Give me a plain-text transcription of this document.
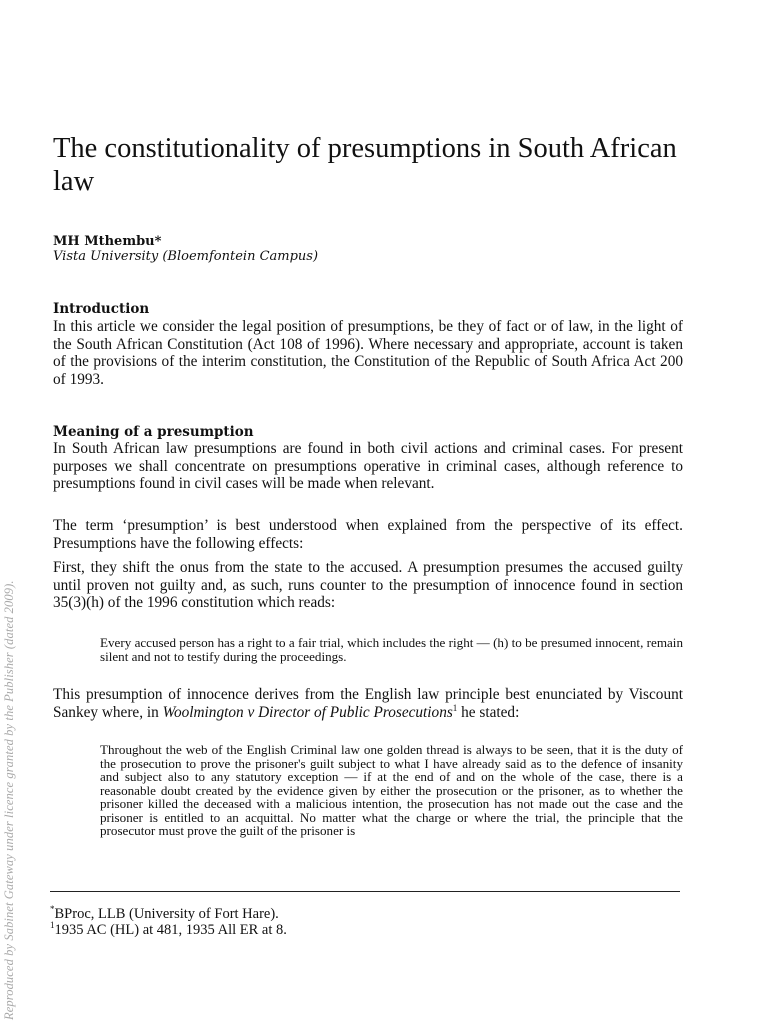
Reproduced by Sabinet Gateway under licence granted by the Publisher (dated 2009).
The constitutionality of presumptions in South African law
MH Mthembu*
Vista University (Bloemfontein Campus)
Introduction
In this article we consider the legal position of presumptions, be they of fact or of law, in the light of the South African Constitution (Act 108 of 1996). Where necessary and appropriate, account is taken of the provisions of the interim constitution, the Constitution of the Republic of South Africa Act 200 of 1993.
Meaning of a presumption
In South African law presumptions are found in both civil actions and criminal cases. For present purposes we shall concentrate on presumptions operative in criminal cases, although reference to presumptions found in civil cases will be made when relevant.
The term ‘presumption’ is best understood when explained from the perspective of its effect. Presumptions have the following effects:
First, they shift the onus from the state to the accused. A presumption presumes the accused guilty until proven not guilty and, as such, runs counter to the presumption of innocence found in section 35(3)(h) of the 1996 constitution which reads:
Every accused person has a right to a fair trial, which includes the right — (h) to be presumed innocent, remain silent and not to testify during the proceedings.
This presumption of innocence derives from the English law principle best enunciated by Viscount Sankey where, in Woolmington v Director of Public Prosecutions$^1$ he stated:
Throughout the web of the English Criminal law one golden thread is always to be seen, that it is the duty of the prosecution to prove the prisoner's guilt subject to what I have already said as to the defence of insanity and subject also to any statutory exception — if at the end of and on the whole of the case, there is a reasonable doubt created by the evidence given by either the prosecution or the prisoner, as to whether the prisoner killed the deceased with a malicious intention, the prosecution has not made out the case and the prisoner is entitled to an acquittal. No matter what the charge or where the trial, the principle that the prosecutor must prove the guilt of the prisoner is
*BProc, LLB (University of Fort Hare).
$^1$1935 AC (HL) at 481, 1935 All ER at 8.
